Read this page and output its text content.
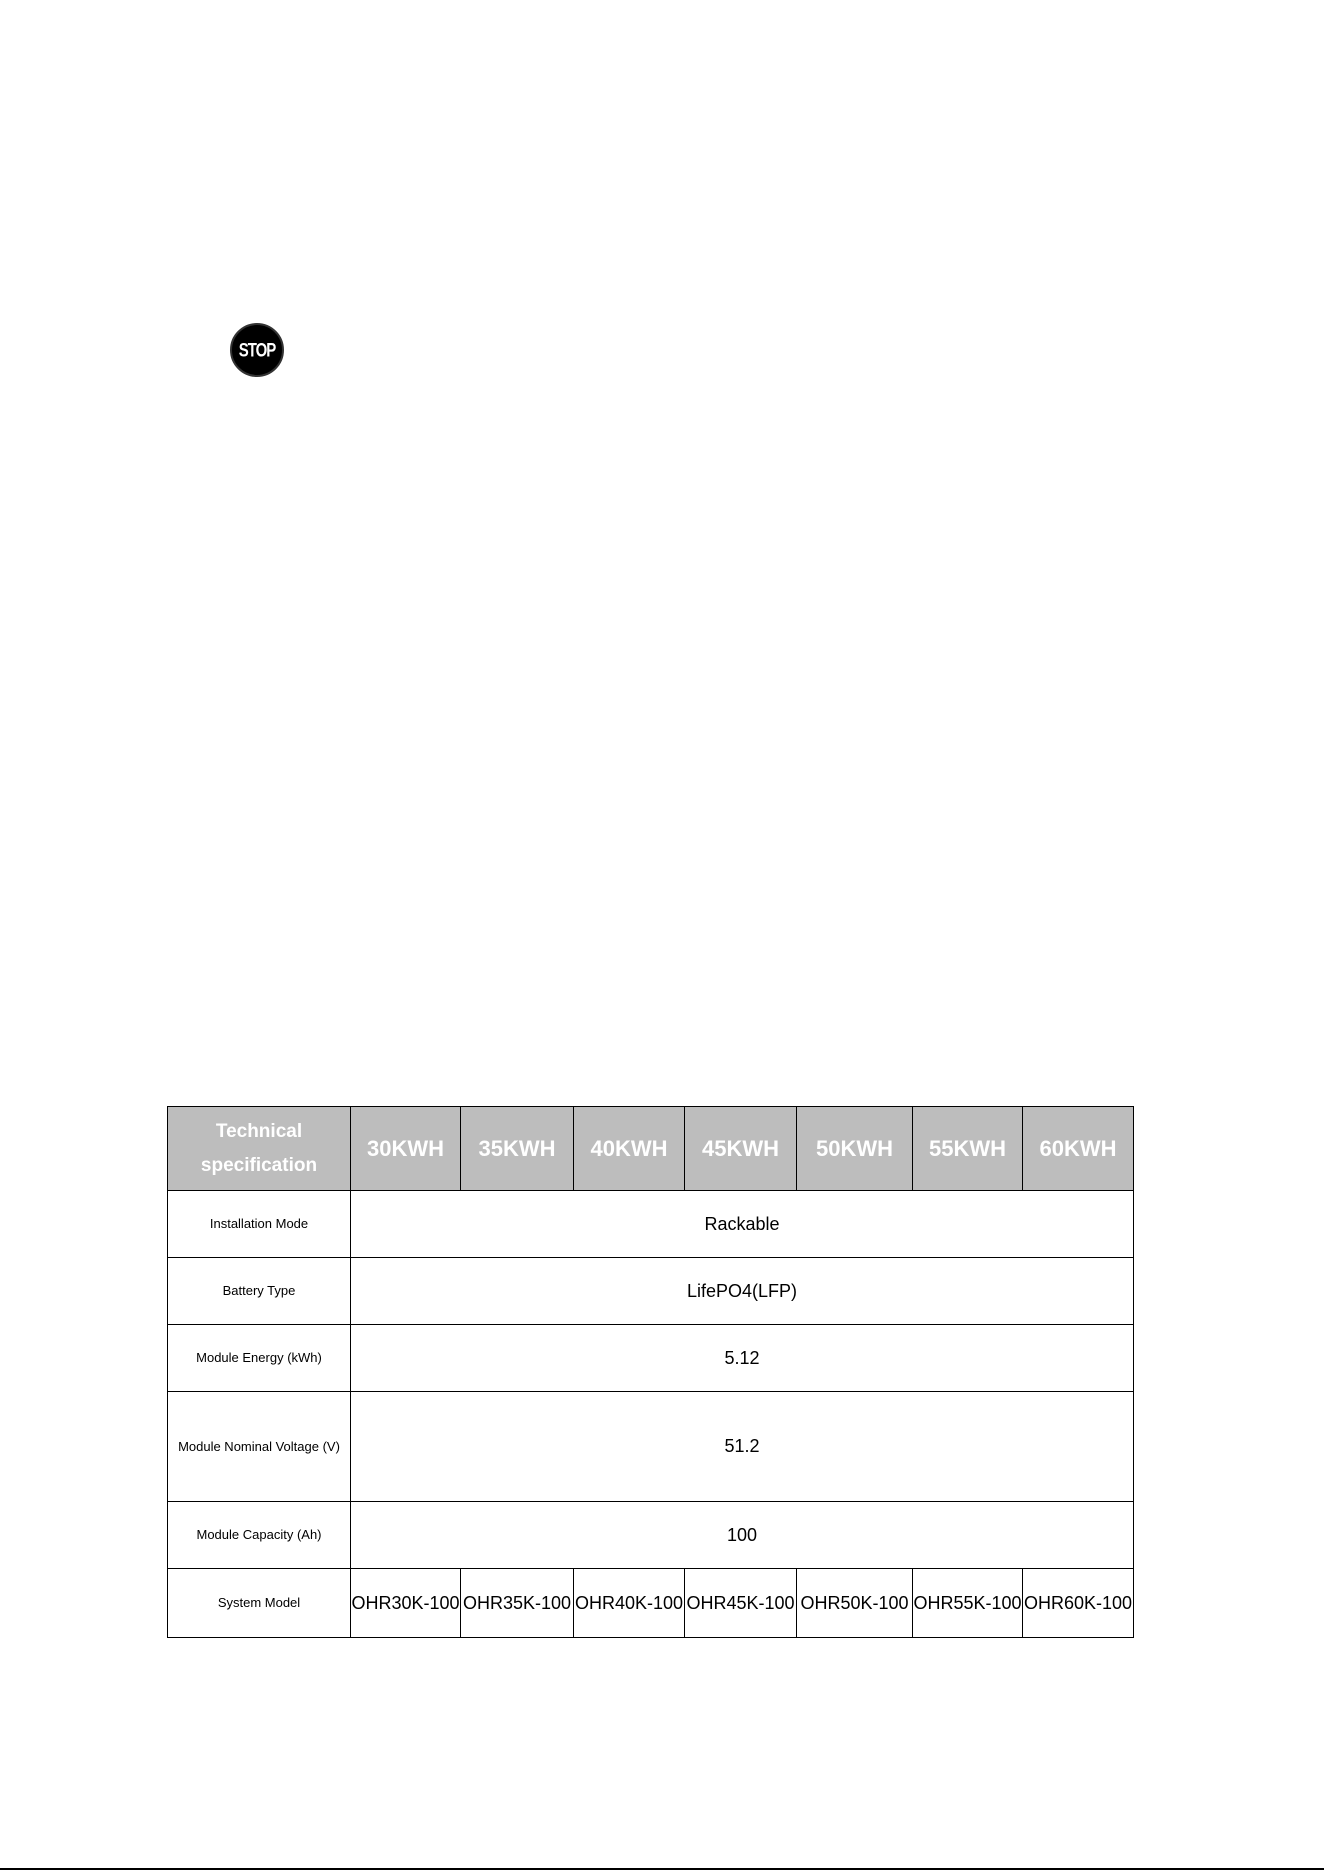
STOP
Technical specification	30KWH	35KWH	40KWH	45KWH	50KWH	55KWH	60KWH
Installation Mode	Rackable						
Battery Type	LifePO4(LFP)						
Module Energy (kWh)	5.12						
Module Nominal Voltage (V)	51.2						
Module Capacity (Ah)	100						
System Model	OHR30K-100	OHR35K-100	OHR40K-100	OHR45K-100	OHR50K-100	OHR55K-100	OHR60K-100
